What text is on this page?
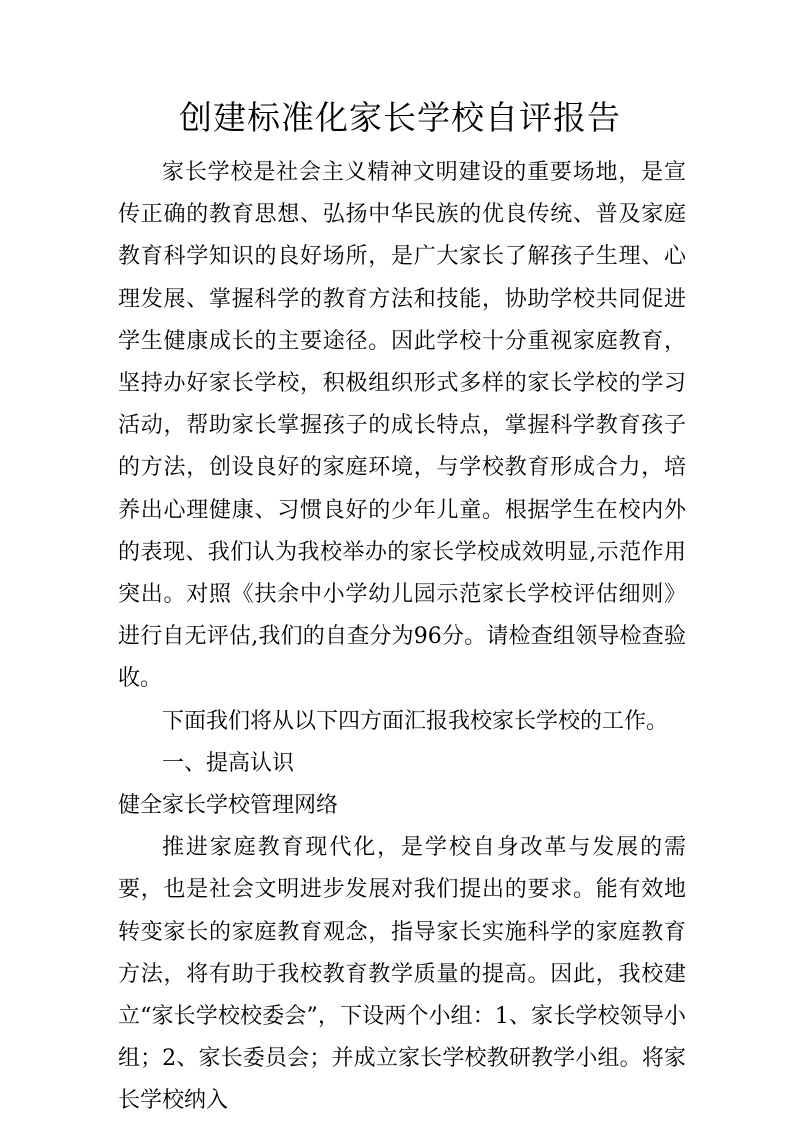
创建标准化家长学校自评报告

家长学校是社会主义精神文明建设的重要场地，是宣传正确的教育思想、弘扬中华民族的优良传统、普及家庭教育科学知识的良好场所，是广大家长了解孩子生理、心理发展、掌握科学的教育方法和技能，协助学校共同促进学生健康成长的主要途径。因此学校十分重视家庭教育，坚持办好家长学校，积极组织形式多样的家长学校的学习活动，帮助家长掌握孩子的成长特点，掌握科学教育孩子的方法，创设良好的家庭环境，与学校教育形成合力，培养出心理健康、习惯良好的少年儿童。根据学生在校内外的表现、我们认为我校举办的家长学校成效明显,示范作用突出。对照《扶余中小学幼儿园示范家长学校评估细则》进行自无评估,我们的自查分为96分。请检查组领导检查验收。

下面我们将从以下四方面汇报我校家长学校的工作。

一、提高认识

健全家长学校管理网络

推进家庭教育现代化，是学校自身改革与发展的需要，也是社会文明进步发展对我们提出的要求。能有效地转变家长的家庭教育观念，指导家长实施科学的家庭教育方法，将有助于我校教育教学质量的提高。因此，我校建立“家长学校校委会”，下设两个小组：1、家长学校领导小组；2、家长委员会；并成立家长学校教研教学小组。将家长学校纳入
